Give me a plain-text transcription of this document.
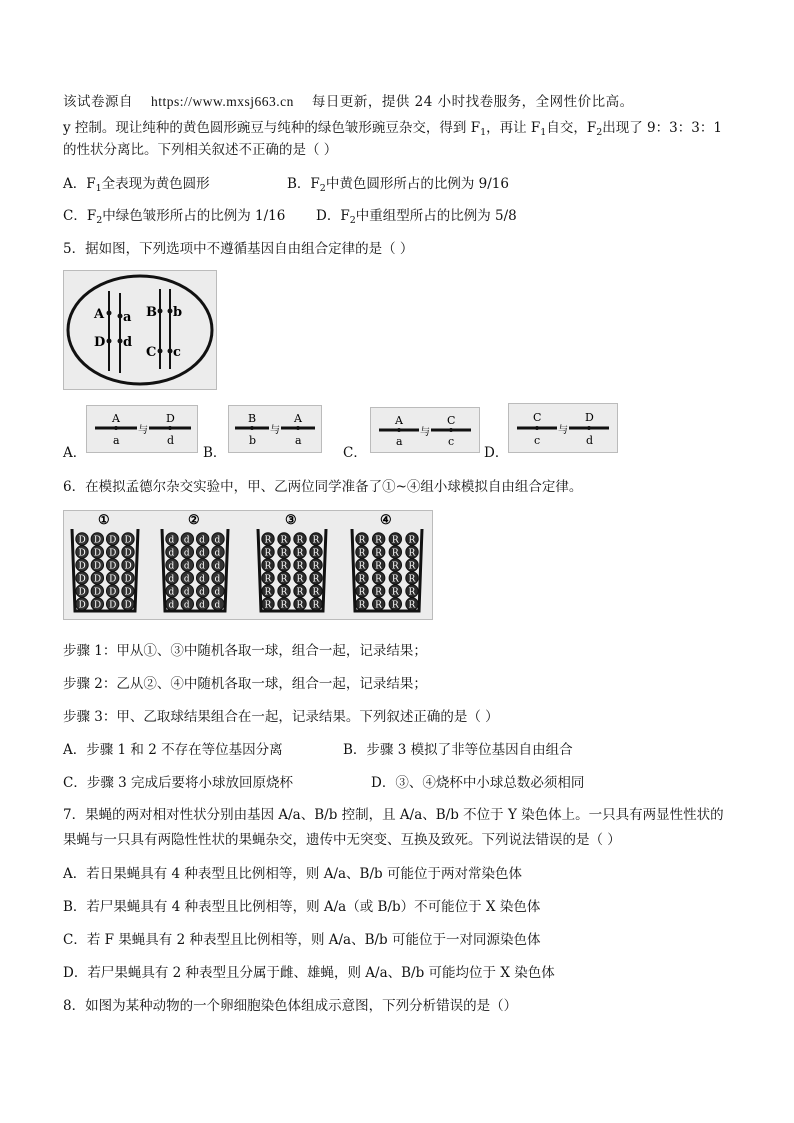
该试卷源自 https://www.mxsj663.cn 每日更新，提供 24 小时找卷服务，全网性价比高。
y 控制。现让纯种的黄色圆形豌豆与纯种的绿色皱形豌豆杂交，得到 $F_1$，再让 $F_1$自交，$F_2$出现了 9：3：3：1
的性状分离比。下列相关叙述不正确的是（ ）
A．$F_1$全表现为黄色圆形	B．$F_2$中黄色圆形所占的比例为 9/16
C．$F_2$中绿色皱形所占的比例为 1/16 D．$F_2$中重组型所占的比例为 5/8
5．据如图，下列选项中不遵循基因自由组合定律的是（ ）
A a
D d
B b
C c
A．
A
a
与
D
d
B．
B
b
与
A
a
C．
A
a
与
C
c
D．
C
c
与
D
d
6．在模拟孟德尔杂交实验中，甲、乙两位同学准备了①~④组小球模拟自由组合定律。
①
D D D D
D D D D
D D D D
D D D D
D D D D
D D D D
②
d d d d
d d d d
d d d d
d d d d
d d d d
d d d d
③
R R R R
R R R R
R R R R
R R R R
R R R R
R R R R
④
R R R R
R R R R
R R R R
R R R R
R R R R
R R R R
步骤 1：甲从①、③中随机各取一球，组合一起，记录结果；
步骤 2：乙从②、④中随机各取一球，组合一起，记录结果；
步骤 3：甲、乙取球结果组合在一起，记录结果。下列叙述正确的是（ ）
A．步骤 1 和 2 不存在等位基因分离	B．步骤 3 模拟了非等位基因自由组合
C．步骤 3 完成后要将小球放回原烧杯	D．③、④烧杯中小球总数必须相同
7．果蝇的两对相对性状分别由基因 A/a、B/b 控制，且 A/a、B/b 不位于 Y 染色体上。一只具有两显性性状的
果蝇与一只具有两隐性性状的果蝇杂交，遗传中无突变、互换及致死。下列说法错误的是（ ）
A．若日果蝇具有 4 种表型且比例相等，则 A/a、B/b 可能位于两对常染色体
B．若尸果蝇具有 4 种表型且比例相等，则 A/a（或 B/b）不可能位于 X 染色体
C．若 F 果蝇具有 2 种表型且比例相等，则 A/a、B/b 可能位于一对同源染色体
D．若尸果蝇具有 2 种表型且分属于雌、雄蝇，则 A/a、B/b 可能均位于 X 染色体
8．如图为某种动物的一个卵细胞染色体组成示意图，下列分析错误的是（）
